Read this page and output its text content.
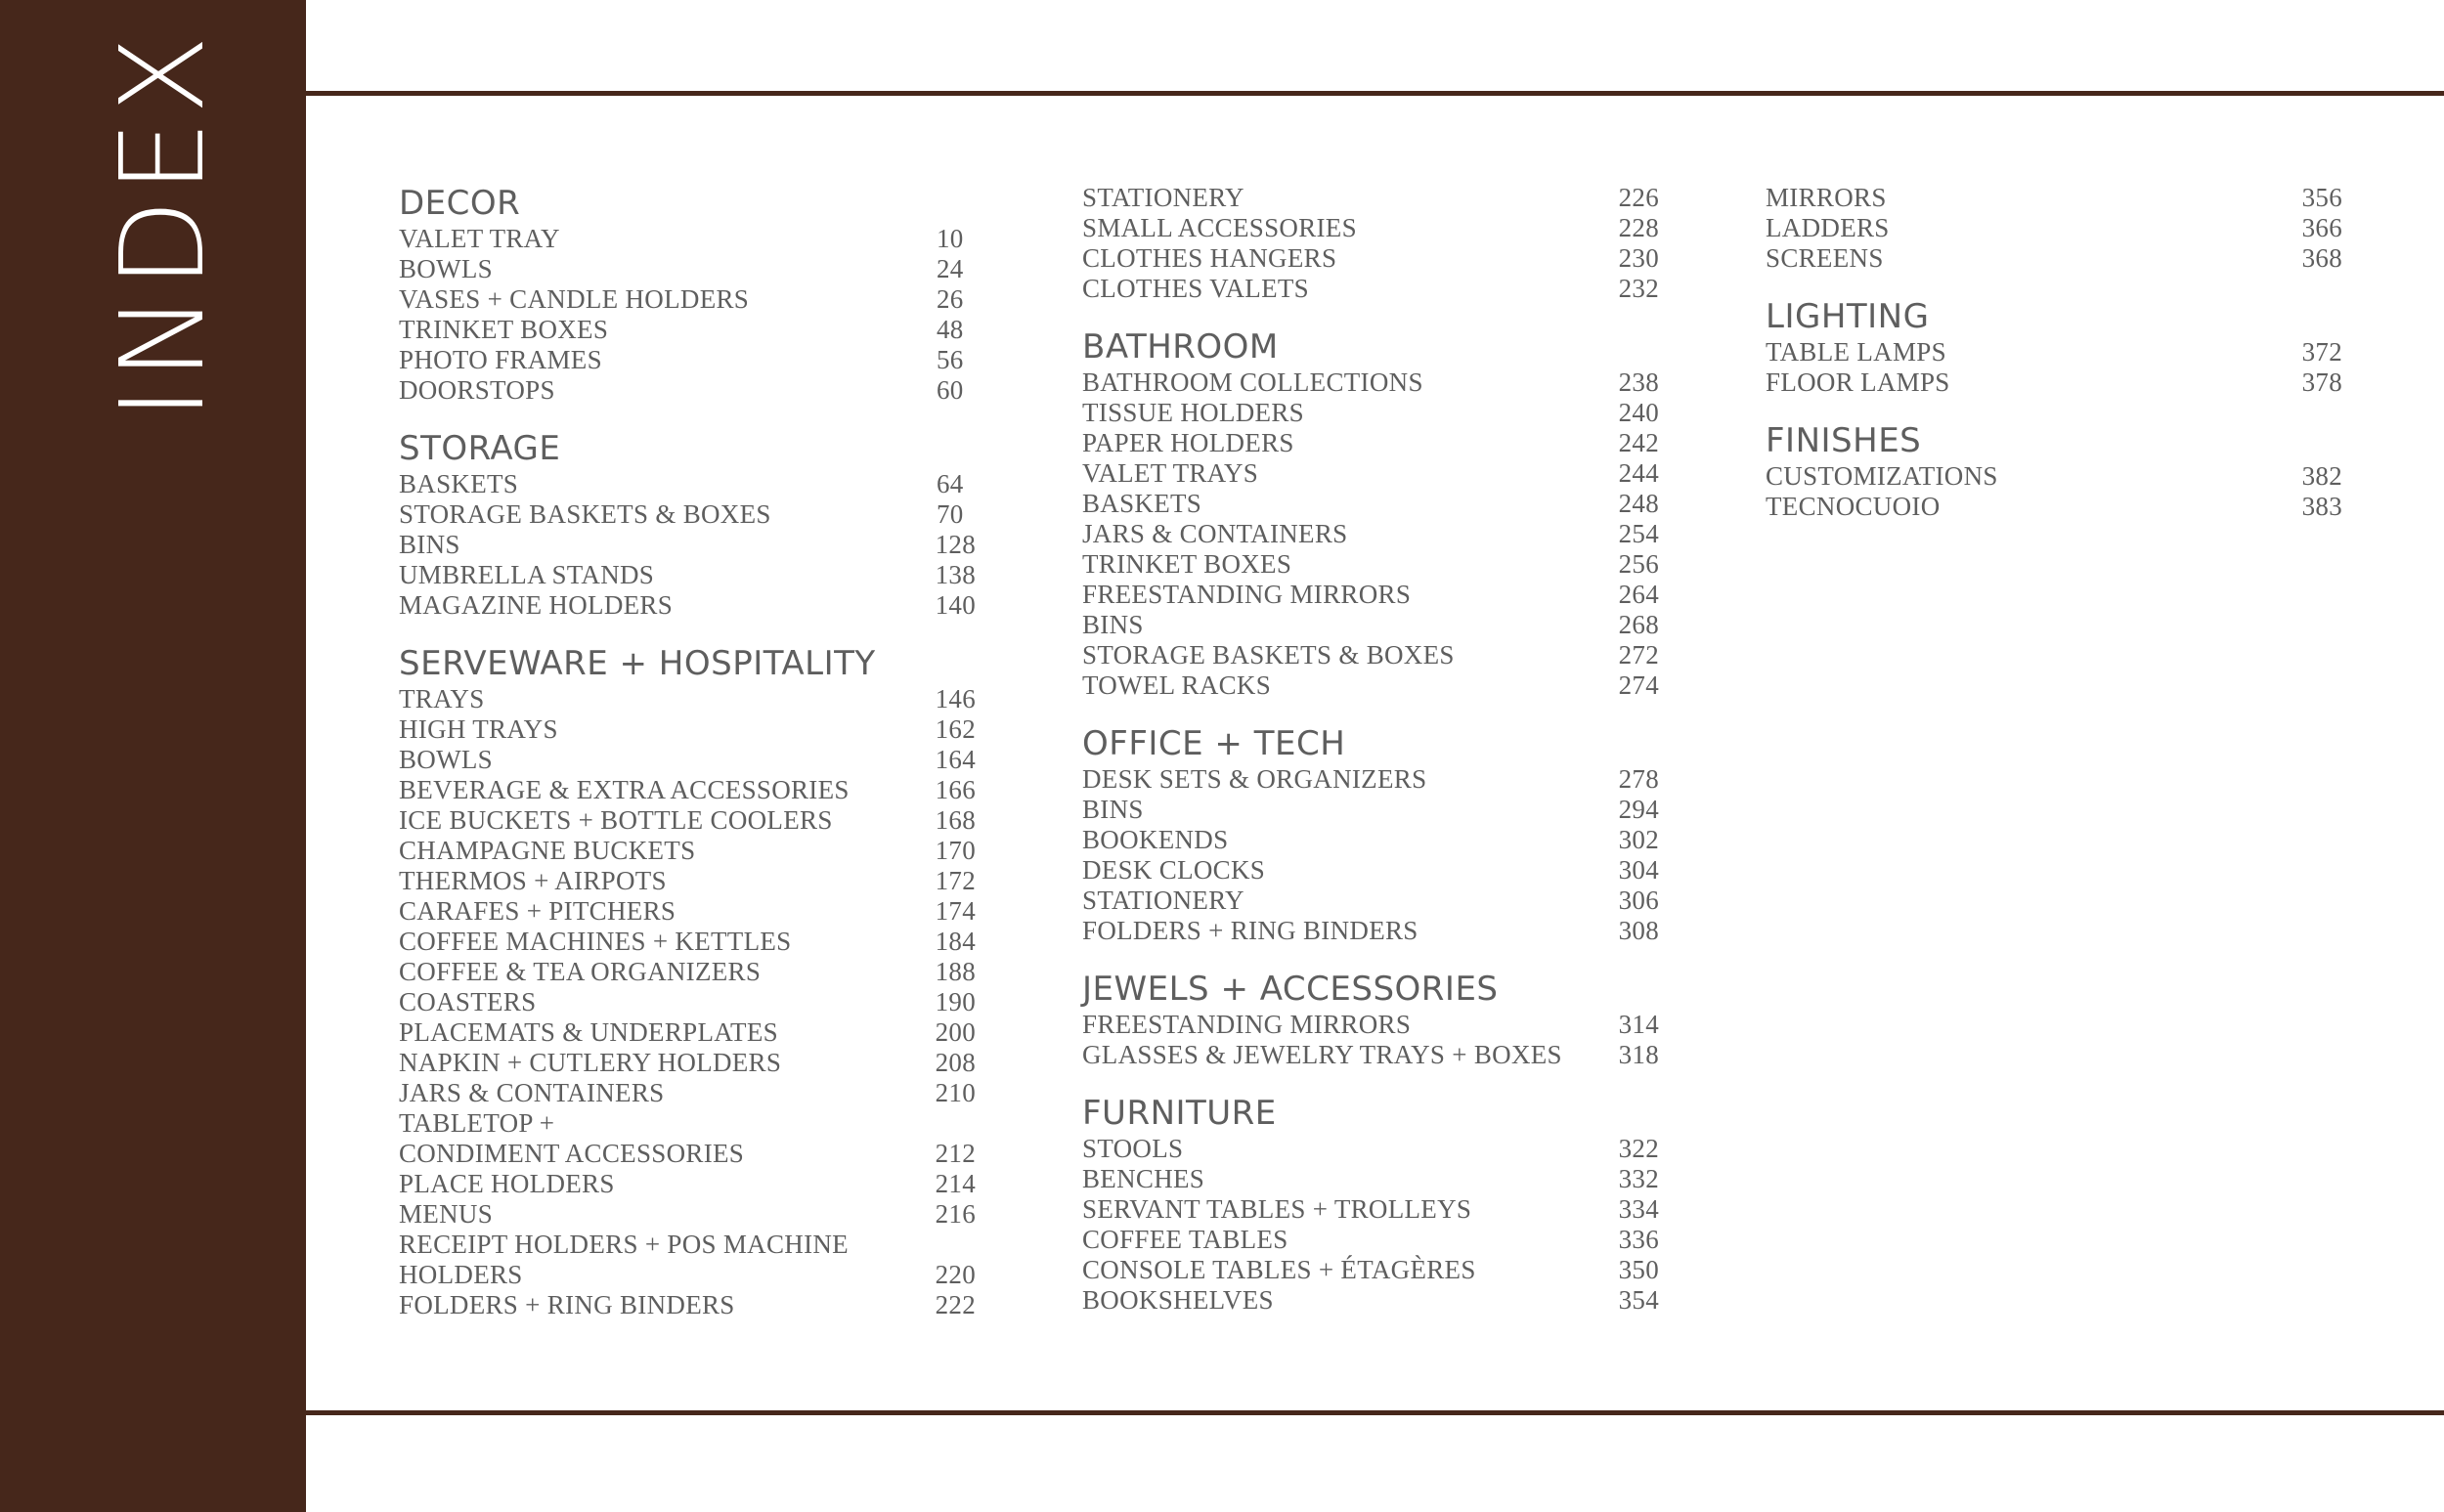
INDEX	DECOR
VALET TRAY	10
BOWLS	24
VASES + CANDLE HOLDERS	26
TRINKET BOXES	48
PHOTO FRAMES	56
DOORSTOPS	60
STORAGE
BASKETS	64
STORAGE BASKETS & BOXES	70
BINS	128
UMBRELLA STANDS	138
MAGAZINE HOLDERS	140
SERVEWARE + HOSPITALITY
TRAYS	146
HIGH TRAYS	162
BOWLS	164
BEVERAGE & EXTRA ACCESSORIES	166
ICE BUCKETS + BOTTLE COOLERS	168
CHAMPAGNE BUCKETS	170
THERMOS + AIRPOTS	172
CARAFES + PITCHERS	174
COFFEE MACHINES + KETTLES	184
COFFEE & TEA ORGANIZERS	188
COASTERS	190
PLACEMATS & UNDERPLATES	200
NAPKIN + CUTLERY HOLDERS	208
JARS & CONTAINERS	210
TABLETOP +
CONDIMENT ACCESSORIES	212
PLACE HOLDERS	214
MENUS	216
RECEIPT HOLDERS + POS MACHINE
HOLDERS	220
FOLDERS + RING BINDERS	222
STATIONERY	226
SMALL ACCESSORIES	228
CLOTHES HANGERS	230
CLOTHES VALETS	232
BATHROOM
BATHROOM COLLECTIONS	238
TISSUE HOLDERS	240
PAPER HOLDERS	242
VALET TRAYS	244
BASKETS	248
JARS & CONTAINERS	254
TRINKET BOXES	256
FREESTANDING MIRRORS	264
BINS	268
STORAGE BASKETS & BOXES	272
TOWEL RACKS	274
OFFICE + TECH
DESK SETS & ORGANIZERS	278
BINS	294
BOOKENDS	302
DESK CLOCKS	304
STATIONERY	306
FOLDERS + RING BINDERS	308
JEWELS + ACCESSORIES
FREESTANDING MIRRORS	314
GLASSES & JEWELRY TRAYS + BOXES 318
FURNITURE
STOOLS	322
BENCHES	332
SERVANT TABLES + TROLLEYS	334
COFFEE TABLES	336
CONSOLE TABLES + ÉTAGÈRES	350
BOOKSHELVES	354
MIRRORS	356
LADDERS	366
SCREENS	368
LIGHTING
TABLE LAMPS	372
FLOOR LAMPS	378
FINISHES
CUSTOMIZATIONS	382
TECNOCUOIO	383
